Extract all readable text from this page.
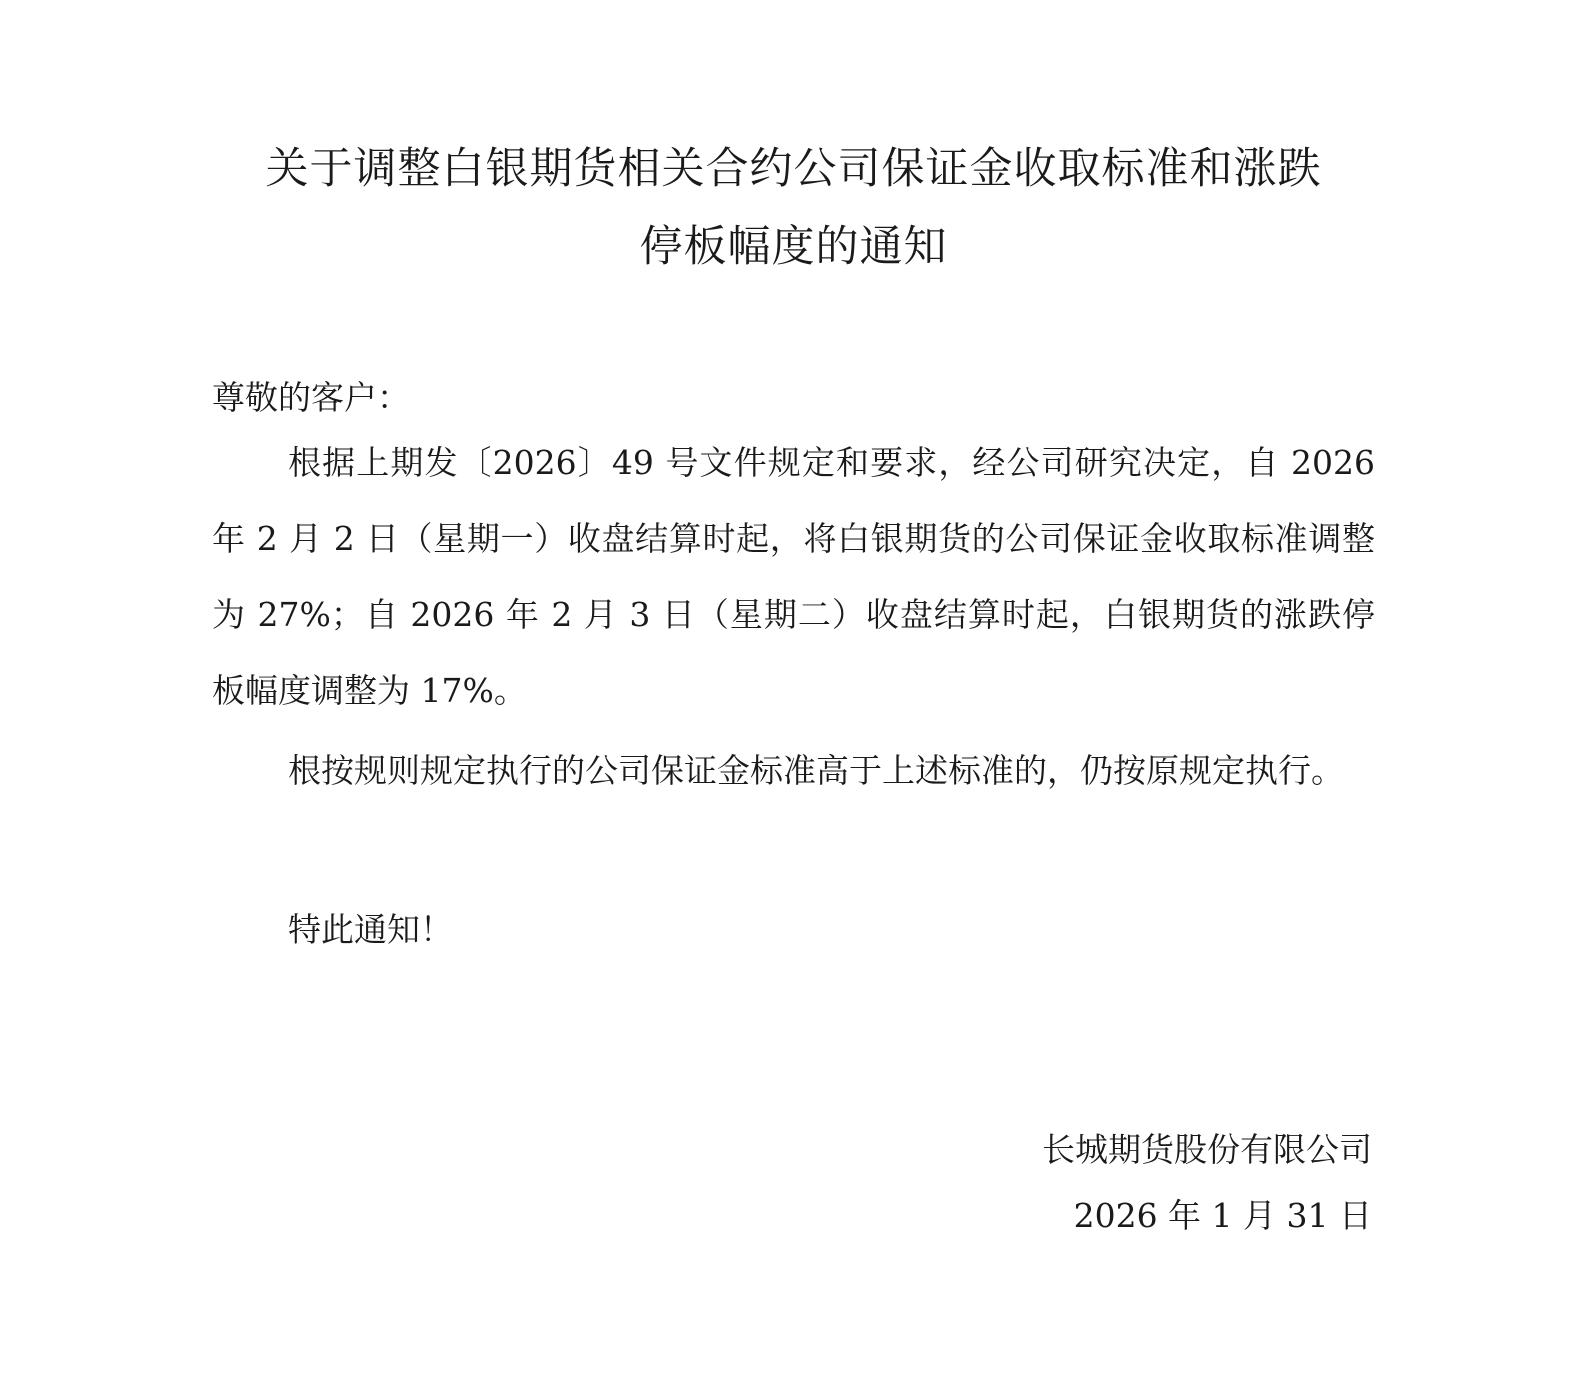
关于调整白银期货相关合约公司保证金收取标准和涨跌
停板幅度的通知

尊敬的客户：

根据上期发〔2026〕49 号文件规定和要求，经公司研究决定，自 2026 年 2 月 2 日（星期一）收盘结算时起，将白银期货的公司保证金收取标准调整为 27%；自 2026 年 2 月 3 日（星期二）收盘结算时起，白银期货的涨跌停板幅度调整为 17%。

根按规则规定执行的公司保证金标准高于上述标准的，仍按原规定执行。

特此通知！

长城期货股份有限公司
2026 年 1 月 31 日
